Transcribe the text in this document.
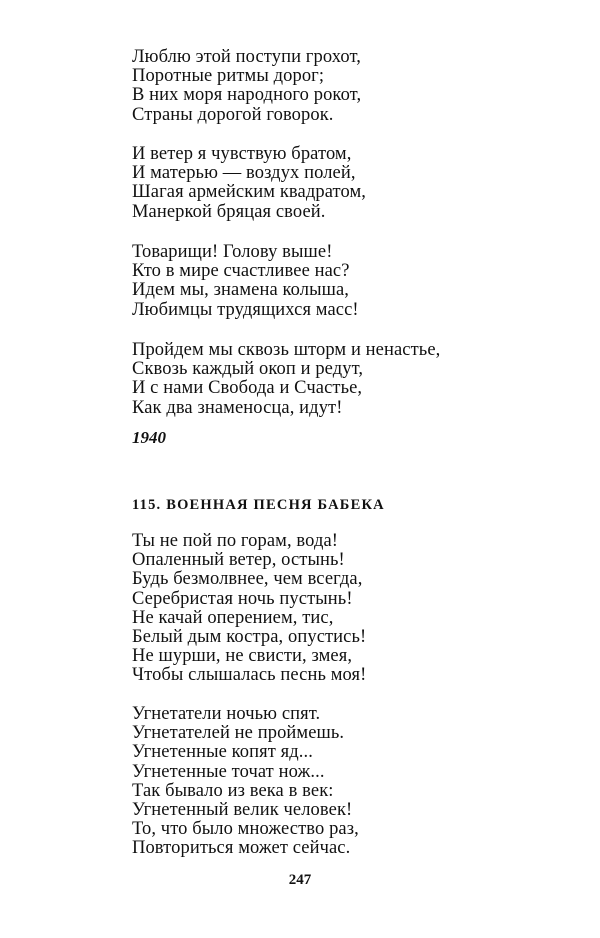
Люблю этой поступи грохот,
Поротные ритмы дорог;
В них моря народного рокот,
Страны дорогой говорок.
И ветер я чувствую братом,
И матерью — воздух полей,
Шагая армейским квадратом,
Манеркой бряцая своей.
Товарищи! Голову выше!
Кто в мире счастливее нас?
Идем мы, знамена колыша,
Любимцы трудящихся масс!
Пройдем мы сквозь шторм и ненастье,
Сквозь каждый окоп и редут,
И с нами Свобода и Счастье,
Как два знаменосца, идут!
1940
115. ВОЕННАЯ ПЕСНЯ БАБЕКА
Ты не пой по горам, вода!
Опаленный ветер, остынь!
Будь безмолвнее, чем всегда,
Серебристая ночь пустынь!
Не качай оперением, тис,
Белый дым костра, опустись!
Не шурши, не свисти, змея,
Чтобы слышалась песнь моя!
Угнетатели ночью спят.
Угнетателей не проймешь.
Угнетенные копят яд...
Угнетенные точат нож...
Так бывало из века в век:
Угнетенный велик человек!
То, что было множество раз,
Повториться может сейчас.
247
